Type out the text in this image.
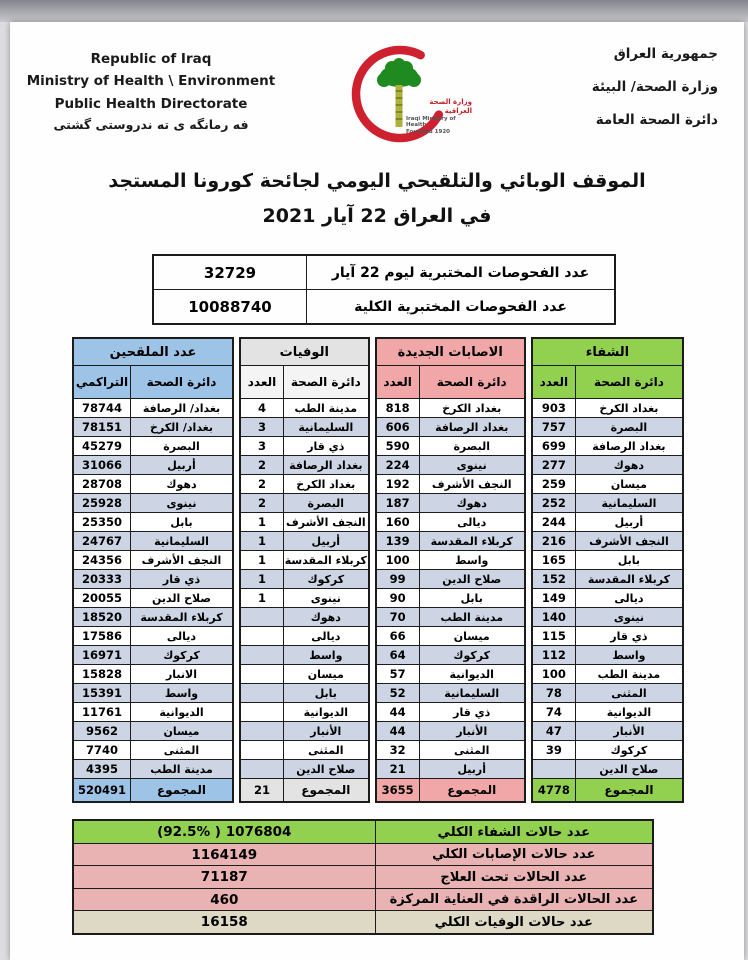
Republic of Iraq
Ministry of Health \ Environment
Public Health Directorate
فه رمانگه ی ته ندروستی گشتی
وزارة الصحة العراقية
Iraqi Ministry of Health
Founded 1920
جمهورية العراق
وزارة الصحة/ البيئة
دائرة الصحة العامة
الموقف الوبائي والتلقيحي اليومي لجائحة كورونا المستجد
في العراق 22 آيار 2021
32729	عدد الفحوصات المختبرية ليوم 22 آيار
10088740	عدد الفحوصات المختبرية الكلية
الشفاء
العدد	دائرة الصحة
903	بغداد الكرخ
757	البصرة
699	بغداد الرصافة
277	دهوك
259	ميسان
252	السليمانية
244	أربيل
216	النجف الأشرف
165	بابل
152	كربلاء المقدسة
149	ديالى
140	نينوى
115	ذي قار
112	واسط
100	مدينة الطب
78	المثنى
74	الديوانية
47	الأنبار
39	كركوك
صلاح الدين
4778	المجموع
الاصابات الجديدة
العدد	دائرة الصحة
818	بغداد الكرخ
606	بغداد الرصافة
590	البصرة
224	نينوى
192	النجف الأشرف
187	دهوك
160	ديالى
139	كربلاء المقدسة
100	واسط
99	صلاح الدين
90	بابل
70	مدينة الطب
66	ميسان
64	كركوك
57	الديوانية
52	السليمانية
44	ذي قار
44	الأنبار
32	المثنى
21	أربيل
3655	المجموع
الوفيات
العدد	دائرة الصحة
4	مدينة الطب
3	السليمانية
3	ذي قار
2	بغداد الرصافة
2	بغداد الكرخ
2	البصرة
1	النجف الأشرف
1	أربيل
1	كربلاء المقدسة
1	كركوك
1	نينوى
دهوك
ديالى
واسط
ميسان
بابل
الديوانية
الأنبار
المثنى
صلاح الدين
21	المجموع
عدد الملقحين
التراكمي	دائرة الصحة
78744	بغداد/ الرصافة
78151	بغداد/ الكرخ
45279	البصرة
31066	أربيل
28708	دهوك
25928	نينوى
25350	بابل
24767	السليمانية
24356	النجف الأشرف
20333	ذي قار
20055	صلاح الدين
18520	كربلاء المقدسة
17586	ديالى
16971	كركوك
15828	الانبار
15391	واسط
11761	الديوانية
9562	ميسان
7740	المثنى
4395	مدينة الطب
520491	المجموع
1076804 ( 92.5%)	عدد حالات الشفاء الكلي
1164149	عدد حالات الإصابات الكلي
71187	عدد الحالات تحت العلاج
460	عدد الحالات الراقدة في العناية المركزة
16158	عدد حالات الوفيات الكلي
